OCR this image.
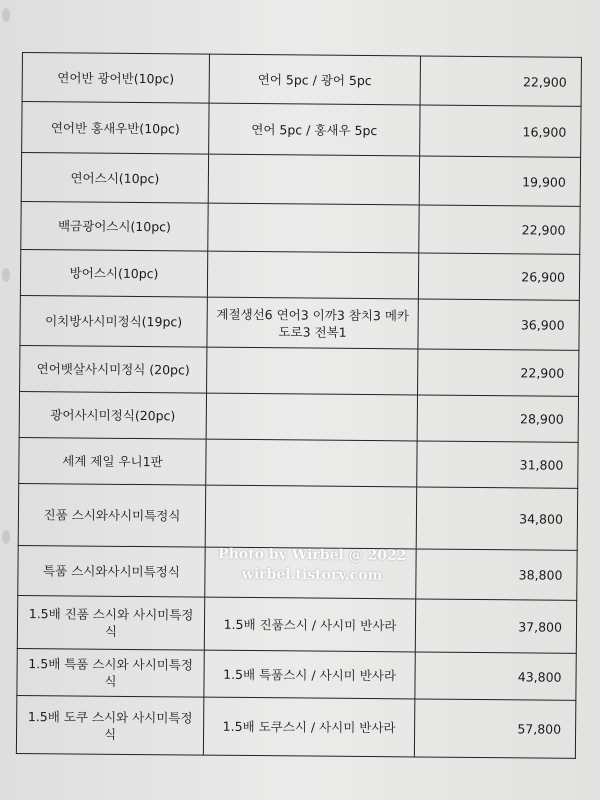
연어반 광어반(10pc)	연어 5pc / 광어 5pc	22,900
연어반 홍새우반(10pc)	연어 5pc / 홍새우 5pc	16,900
연어스시(10pc)		19,900
백금광어스시(10pc)		22,900
방어스시(10pc)		26,900
이치방사시미정식(19pc)	계절생선6 연어3 이까3 참치3 메카도로3 전복1	36,900
연어뱃살사시미정식 (20pc)		22,900
광어사시미정식(20pc)		28,900
세계 제일 우니1판		31,800
진품 스시와사시미특정식		34,800
특품 스시와사시미특정식		38,800
1.5배 진품 스시와 사시미특정식	1.5배 진품스시 / 사시미 반사라	37,800
1.5배 특품 스시와 사시미특정식	1.5배 특품스시 / 사시미 반사라	43,800
1.5배 도쿠 스시와 사시미특정식	1.5배 도쿠스시 / 사시미 반사라	57,800
Photo by Wirbel @ 2022
wirbel.tistory.com
